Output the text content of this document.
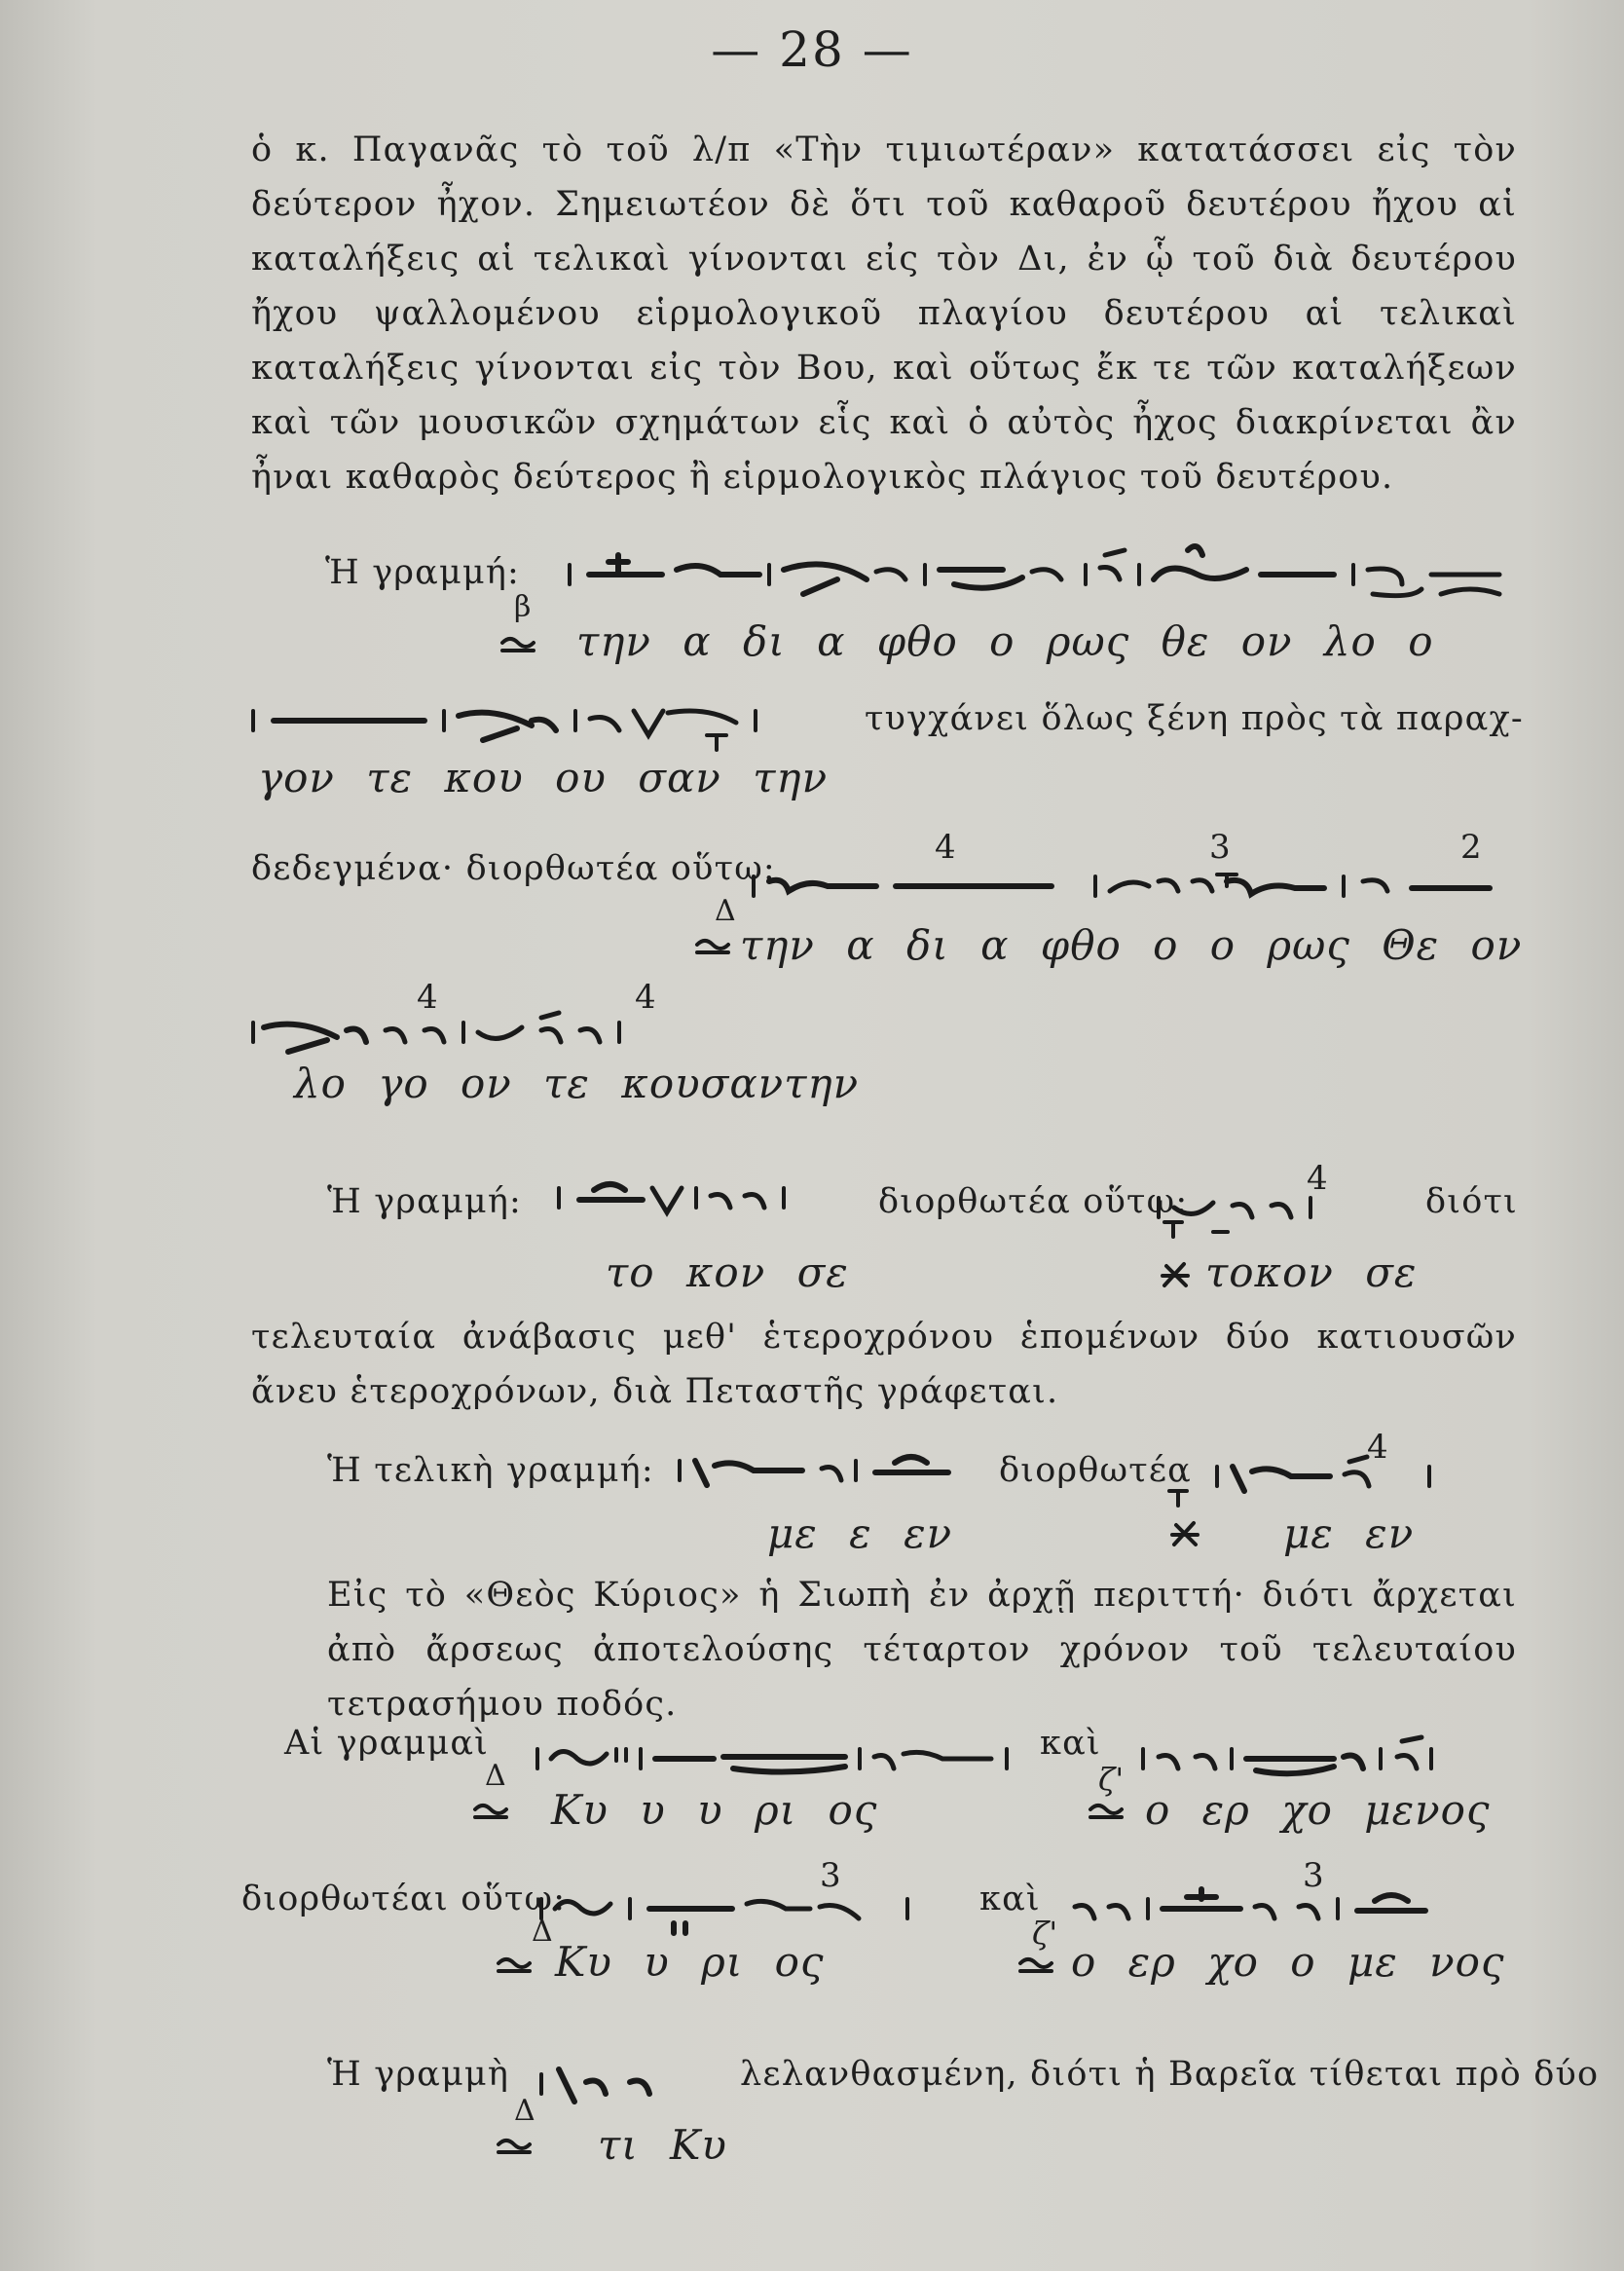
— 28 —
ὁ κ. Παγανᾶς τὸ τοῦ λ/π «Τὴν τιμιωτέραν» κατατάσσει εἰς τὸν δεύτερον ἦχον. Σημειωτέον δὲ ὅτι τοῦ καθαροῦ δευτέρου ἤχου αἱ καταλήξεις αἱ τελικαὶ γίνονται εἰς τὸν Δι, ἐν ᾧ τοῦ διὰ δευτέρου ἤχου ψαλλομένου εἱρμολογικοῦ πλαγίου δευτέρου αἱ τελικαὶ καταλήξεις γίνονται εἰς τὸν Βου, καὶ οὕτως ἔκ τε τῶν καταλήξεων καὶ τῶν μουσικῶν σχημάτων εἷς καὶ ὁ αὐτὸς ἦχος διακρίνεται ἂν ἦναι καθαρὸς δεύτερος ἢ εἱρμολογικὸς πλάγιος τοῦ δευτέρου.
Ἡ γραμμή:
β
την α δι α φθο ο ρως θε ον λο ο
τυγχάνει ὅλως ξένη πρὸς τὰ παραχ-
γον τε κου ου σαν την
δεδεγμένα· διορθωτέα οὕτω:
4	3	2
Δ
την α δι α φθο ο ο ρως Θε ον
4	4
λο γο ον τε κουσαντην
Ἡ γραμμή:	διορθωτέα οὕτω:
4
διότι
το κον σε	τοκον σε
τελευταία ἀνάβασις μεθ' ἑτεροχρόνου ἑπομένων δύο κατιουσῶν ἄνευ ἑτεροχρόνων, διὰ Πεταστῆς γράφεται.
Ἡ τελικὴ γραμμή:	διορθωτέα
4
με ε εν	με εν
Εἰς τὸ «Θεὸς Κύριος» ἡ Σιωπὴ ἐν ἀρχῇ περιττή· διότι ἄρχεται ἀπὸ ἄρσεως ἀποτελούσης τέταρτον χρόνον τοῦ τελευταίου τετρασήμου ποδός.
Αἱ γραμμαὶ	καὶ
Δ	ζ'
Κυ υ υ ρι ος	ο ερ χο μενος
διορθωτέαι οὕτω:
3
καὶ
3
Δ	ζ'
Κυ υ ρι ος	ο ερ χο ο με νος
Ἡ γραμμὴ	λελανθασμένη, διότι ἡ Βαρεῖα τίθεται πρὸ δύο
Δ
τι Κυ
